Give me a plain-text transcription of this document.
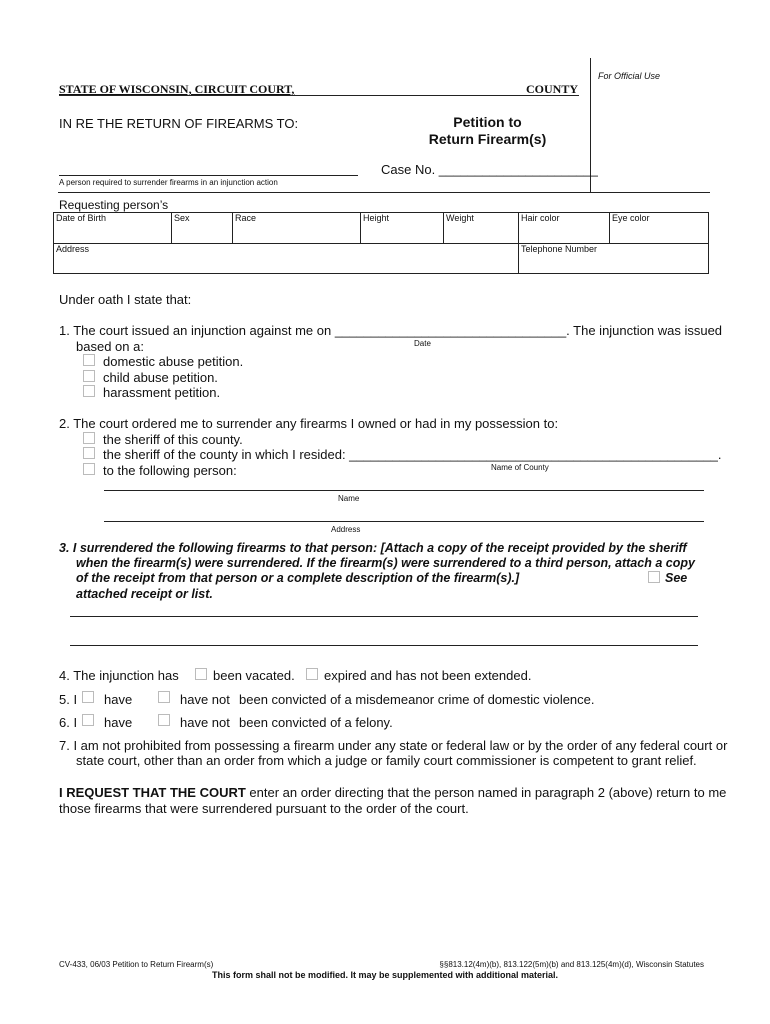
For Official Use
STATE OF WISCONSIN, CIRCUIT COURT,	COUNTY
IN RE THE RETURN OF FIREARMS TO:	Petition to
Return Firearm(s)
Case No. ______________________
A person required to surrender firearms in an injunction action
Requesting person’s
Date of Birth	Sex	Race	Height	Weight	Hair color	Eye color
Address	Telephone Number
Under oath I state that:
1. The court issued an injunction against me on ________________________________. The injunction was issued
Date
based on a:
domestic abuse petition.
child abuse petition.
harassment petition.
2. The court ordered me to surrender any firearms I owned or had in my possession to:
the sheriff of this county.
the sheriff of the county in which I resided: ___________________________________________________.
Name of County
to the following person:
Name
Address
3. I surrendered the following firearms to that person: [Attach a copy of the receipt provided by the sheriff
when the firearm(s) were surrendered. If the firearm(s) were surrendered to a third person, attach a copy
of the receipt from that person or a complete description of the firearm(s).]	See
attached receipt or list.
4. The injunction has	been vacated. expired and has not been extended.
5. I have	have not been convicted of a misdemeanor crime of domestic violence.
6. I have	have not been convicted of a felony.
7. I am not prohibited from possessing a firearm under any state or federal law or by the order of any federal court or
state court, other than an order from which a judge or family court commissioner is competent to grant relief.
I REQUEST THAT THE COURT enter an order directing that the person named in paragraph 2 (above) return to me
those firearms that were surrendered pursuant to the order of the court.
CV-433, 06/03 Petition to Return Firearm(s)	§§813.12(4m)(b), 813.122(5m)(b) and 813.125(4m)(d), Wisconsin Statutes
This form shall not be modified. It may be supplemented with additional material.
